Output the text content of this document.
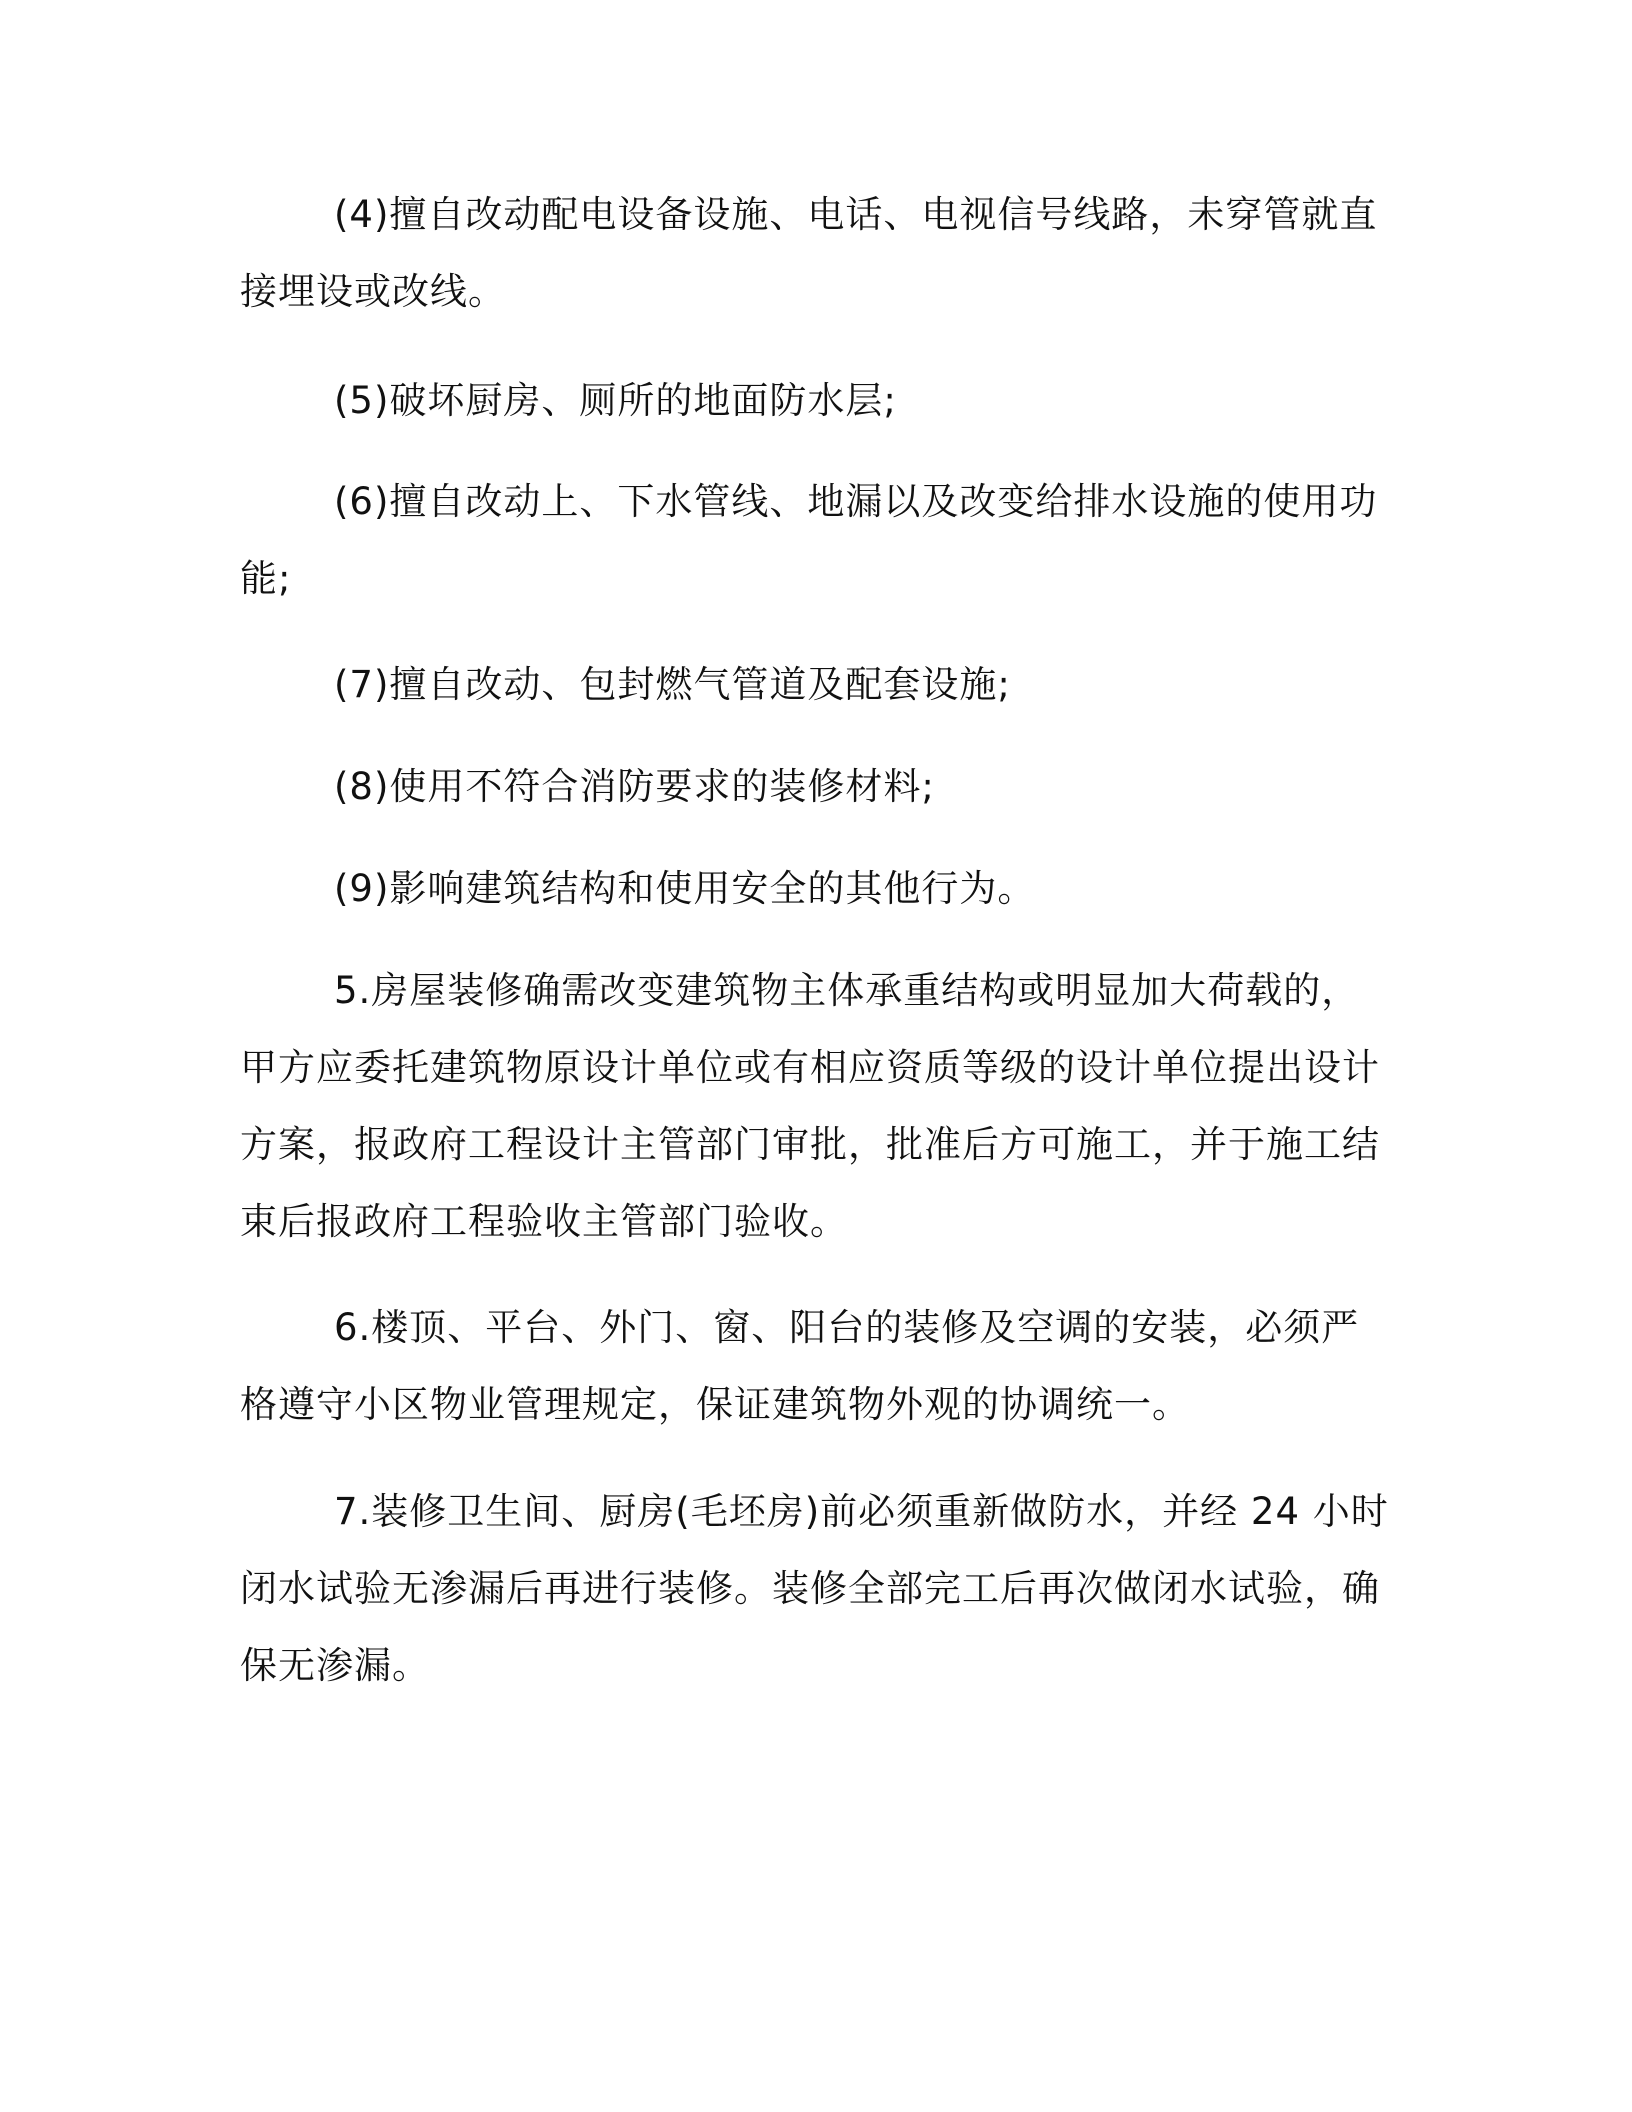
(4)擅自改动配电设备设施、电话、电视信号线路，未穿管就直接埋设或改线。

(5)破坏厨房、厕所的地面防水层;

(6)擅自改动上、下水管线、地漏以及改变给排水设施的使用功能;

(7)擅自改动、包封燃气管道及配套设施;

(8)使用不符合消防要求的装修材料;

(9)影响建筑结构和使用安全的其他行为。

5.房屋装修确需改变建筑物主体承重结构或明显加大荷载的，甲方应委托建筑物原设计单位或有相应资质等级的设计单位提出设计方案，报政府工程设计主管部门审批，批准后方可施工，并于施工结束后报政府工程验收主管部门验收。

6.楼顶、平台、外门、窗、阳台的装修及空调的安装，必须严格遵守小区物业管理规定，保证建筑物外观的协调统一。

7.装修卫生间、厨房(毛坯房)前必须重新做防水，并经 24 小时闭水试验无渗漏后再进行装修。装修全部完工后再次做闭水试验，确保无渗漏。
